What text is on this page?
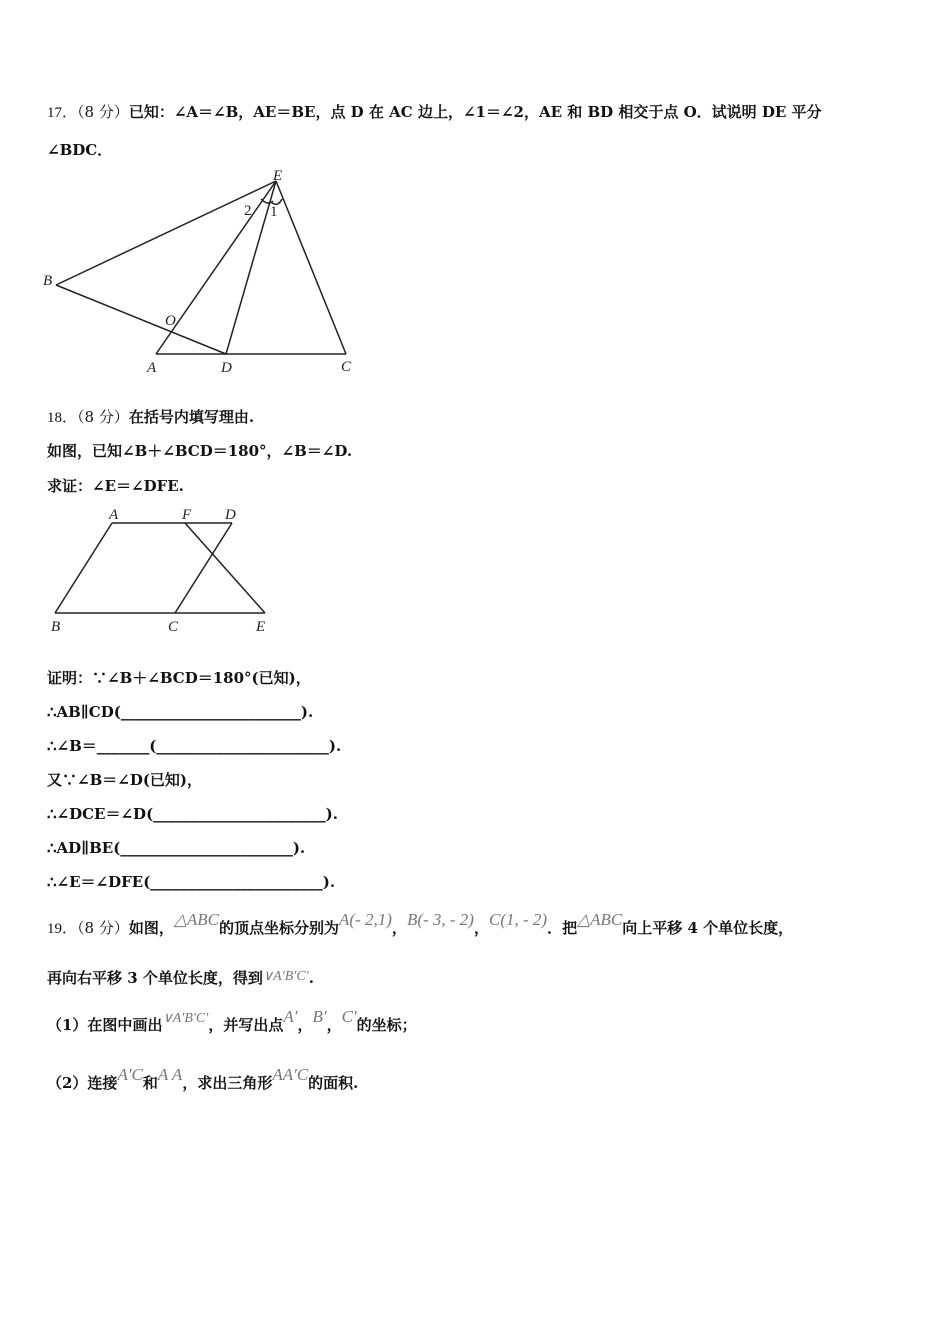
17．（8 分）已知：∠A＝∠B，AE＝BE，点 D 在 AC 边上，∠1＝∠2，AE 和 BD 相交于点 O．试说明 DE 平分
∠BDC．
E
B
O
A	D	C
1
2
18．（8 分）在括号内填写理由.
如图，已知∠B＋∠BCD＝180°，∠B＝∠D.
求证：∠E＝∠DFE.
A	F D
B	C	E
证明：∵∠B＋∠BCD＝180°(已知)，
∴AB∥CD(________________________).
∴∠B＝_______(_______________________).
又∵∠B＝∠D(已知)，
∴∠DCE＝∠D(_______________________).
∴AD∥BE(_______________________).
∴∠E＝∠DFE(_______________________).
19．（8 分）如图，△ABC的顶点坐标分别为A(- 2,1)，B(- 3, - 2)，C(1, - 2)．把△ABC向上平移 4 个单位长度，
再向右平移 3 个单位长度，得到∨A′B′C′.
（1）在图中画出∨A′B′C′，并写出点A′，B′，C′的坐标；
（2）连接A′C和A A，求出三角形AA′C的面积.
